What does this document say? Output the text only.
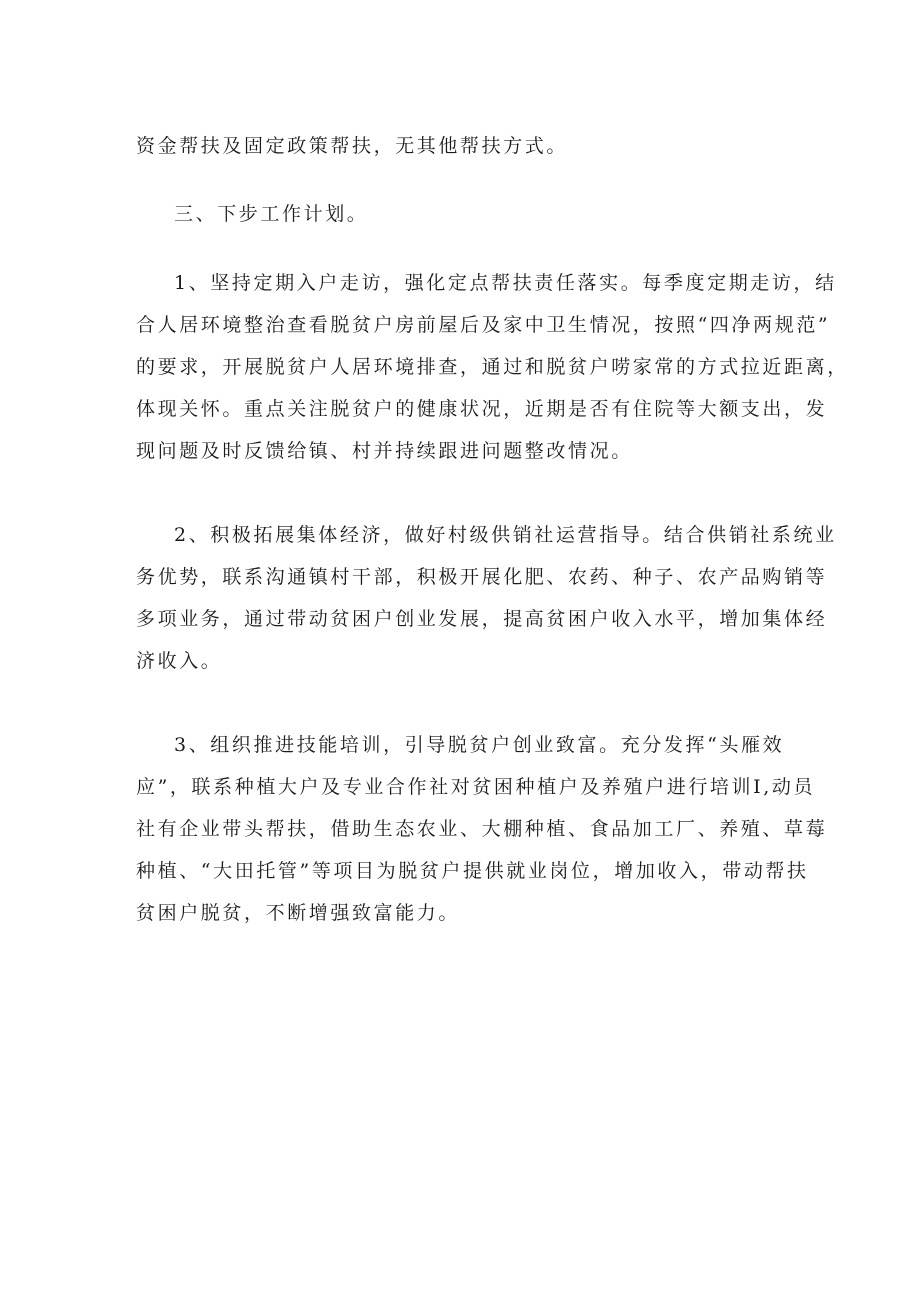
资金帮扶及固定政策帮扶，无其他帮扶方式。

三、下步工作计划。

1、坚持定期入户走访，强化定点帮扶责任落实。每季度定期走访，结
合人居环境整治查看脱贫户房前屋后及家中卫生情况，按照“四净两规范”
的要求，开展脱贫户人居环境排查，通过和脱贫户唠家常的方式拉近距离，
体现关怀。重点关注脱贫户的健康状况，近期是否有住院等大额支出，发
现问题及时反馈给镇、村并持续跟进问题整改情况。

2、积极拓展集体经济，做好村级供销社运营指导。结合供销社系统业
务优势，联系沟通镇村干部，积极开展化肥、农药、种子、农产品购销等
多项业务，通过带动贫困户创业发展，提高贫困户收入水平，增加集体经
济收入。

3、组织推进技能培训，引导脱贫户创业致富。充分发挥“头雁效
应”，联系种植大户及专业合作社对贫困种植户及养殖户进行培训I,动员
社有企业带头帮扶，借助生态农业、大棚种植、食品加工厂、养殖、草莓
种植、“大田托管”等项目为脱贫户提供就业岗位，增加收入，带动帮扶
贫困户脱贫，不断增强致富能力。
